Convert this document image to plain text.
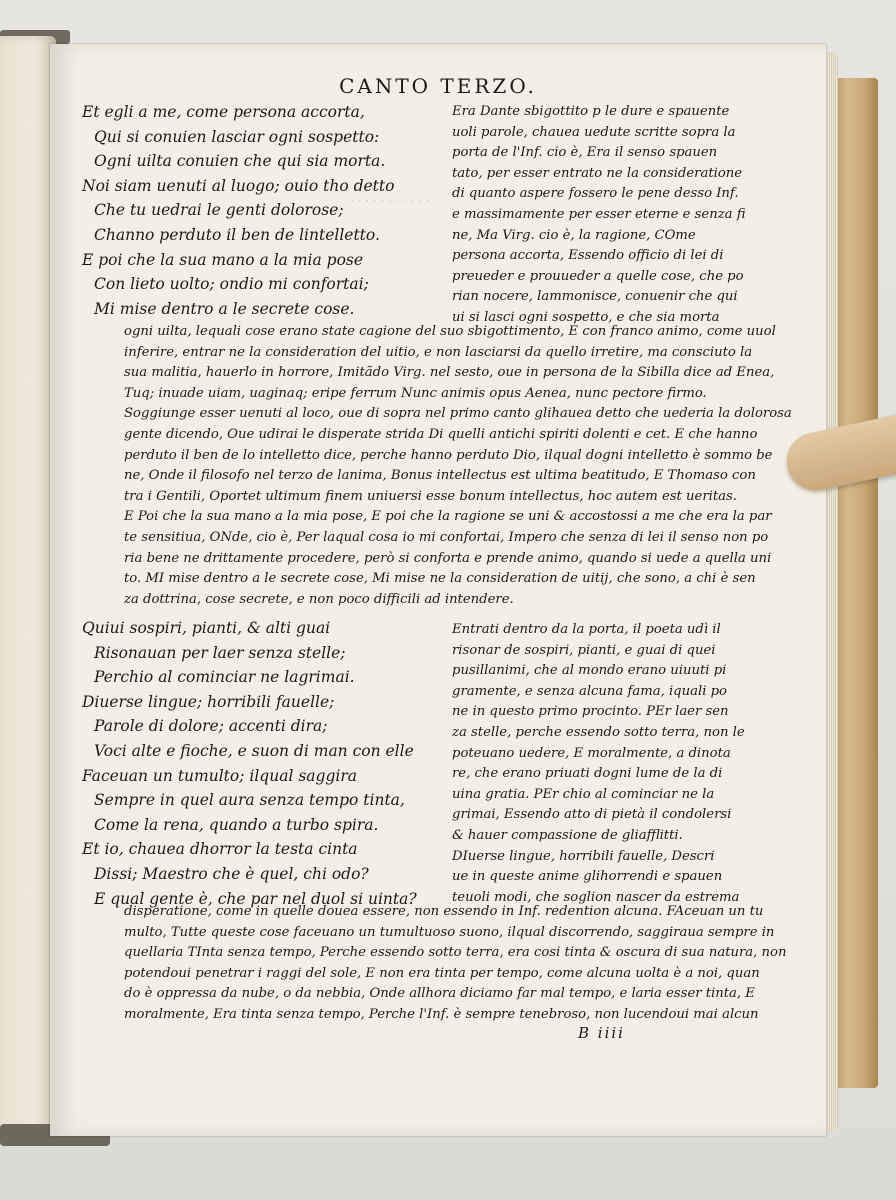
· · · · · · · · · · ·
CANTO TERZO.
Et egli a me, come persona accorta,
Qui si conuien lasciar ogni sospetto:
Ogni uilta conuien che qui sia morta.
Noi siam uenuti al luogo; ouio tho detto
Che tu uedrai le genti dolorose;
Channo perduto il ben de lintelletto.
E poi che la sua mano a la mia pose
Con lieto uolto; ondio mi confortai;
Mi mise dentro a le secrete cose.
Era Dante sbigottito p le dure e spauente
uoli parole, chauea uedute scritte sopra la
porta de l'Inf. cio è, Era il senso spauen
tato, per esser entrato ne la consideratione
di quanto aspere fossero le pene desso Inf.
e massimamente per esser eterne e senza fi
ne, Ma Virg. cio è, la ragione, COme
persona accorta, Essendo officio di lei di
preueder e prouueder a quelle cose, che po
rian nocere, lammonisce, conuenir che qui
ui si lasci ogni sospetto, e che sia morta
ogni uilta, lequali cose erano state cagione del suo sbigottimento, E con franco animo, come uuol
inferire, entrar ne la consideration del uitio, e non lasciarsi da quello irretire, ma consciuto la
sua malitia, hauerlo in horrore, Imitãdo Virg. nel sesto, oue in persona de la Sibilla dice ad Enea,
Tuq; inuade uiam, uaginaq; eripe ferrum Nunc animis opus Aenea, nunc pectore firmo.
Soggiunge esser uenuti al loco, oue di sopra nel primo canto glihauea detto che uederia la dolorosa
gente dicendo, Oue udirai le disperate strida Di quelli antichi spiriti dolenti e cet. E che hanno
perduto il ben de lo intelletto dice, perche hanno perduto Dio, ilqual dogni intelletto è sommo be
ne, Onde il filosofo nel terzo de lanima, Bonus intellectus est ultima beatitudo, E Thomaso con
tra i Gentili, Oportet ultimum finem uniuersi esse bonum intellectus, hoc autem est ueritas.
E Poi che la sua mano a la mia pose, E poi che la ragione se uni & accostossi a me che era la par
te sensitiua, ONde, cio è, Per laqual cosa io mi confortai, Impero che senza di lei il senso non po
ria bene ne drittamente procedere, però si conforta e prende animo, quando si uede a quella uni
to. MI mise dentro a le secrete cose, Mi mise ne la consideration de uitij, che sono, a chi è sen
za dottrina, cose secrete, e non poco difficili ad intendere.
Quiui sospiri, pianti, & alti guai
Risonauan per laer senza stelle;
Perchio al cominciar ne lagrimai.
Diuerse lingue; horribili fauelle;
Parole di dolore; accenti dira;
Voci alte e fioche, e suon di man con elle
Faceuan un tumulto; ilqual saggira
Sempre in quel aura senza tempo tinta,
Come la rena, quando a turbo spira.
Et io, chauea dhorror la testa cinta
Dissi; Maestro che è quel, chi odo?
E qual gente è, che par nel duol si uinta?
Entrati dentro da la porta, il poeta udì il
risonar de sospiri, pianti, e guai di quei
pusillanimi, che al mondo erano uiuuti pi
gramente, e senza alcuna fama, iquali po
ne in questo primo procinto. PEr laer sen
za stelle, perche essendo sotto terra, non le
poteuano uedere, E moralmente, a dinota
re, che erano priuati dogni lume de la di
uina gratia. PEr chio al cominciar ne la
grimai, Essendo atto di pietà il condolersi
& hauer compassione de gliafflitti.
DIuerse lingue, horribili fauelle, Descri
ue in queste anime glihorrendi e spauen
teuoli modi, che soglion nascer da estrema
disperatione, come in quelle douea essere, non essendo in Inf. redention alcuna. FAceuan un tu
multo, Tutte queste cose faceuano un tumultuoso suono, ilqual discorrendo, saggiraua sempre in
quellaria TInta senza tempo, Perche essendo sotto terra, era cosi tinta & oscura di sua natura, non
potendoui penetrar i raggi del sole, E non era tinta per tempo, come alcuna uolta è a noi, quan
do è oppressa da nube, o da nebbia, Onde allhora diciamo far mal tempo, e laria esser tinta, E
moralmente, Era tinta senza tempo, Perche l'Inf. è sempre tenebroso, non lucendoui mai alcun
B iiii
